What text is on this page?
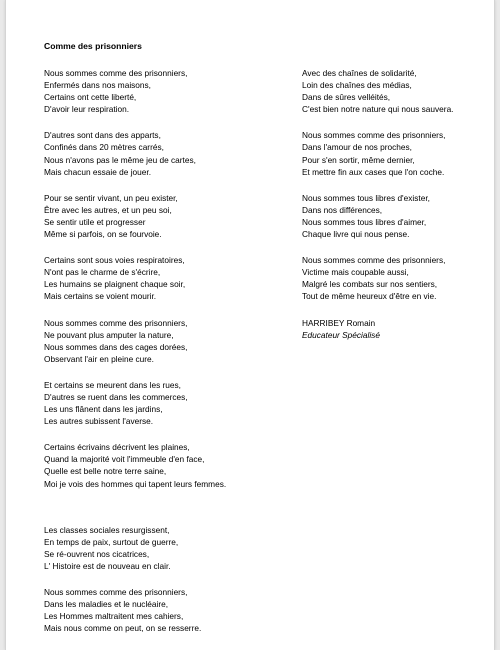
Comme des prisonniers
Nous sommes comme des prisonniers,
Enfermés dans nos maisons,
Certains ont cette liberté,
D'avoir leur respiration.
D'autres sont dans des apparts,
Confinés dans 20 mètres carrés,
Nous n'avons pas le même jeu de cartes,
Mais chacun essaie de jouer.
Pour se sentir vivant, un peu exister,
Être avec les autres, et un peu soi,
Se sentir utile et progresser
Même si parfois, on se fourvoie.
Certains sont sous voies respiratoires,
N'ont pas le charme de s'écrire,
Les humains se plaignent chaque soir,
Mais certains se voient mourir.
Nous sommes comme des prisonniers,
Ne pouvant plus amputer la nature,
Nous sommes dans des cages dorées,
Observant l'air en pleine cure.
Et certains se meurent dans les rues,
D'autres se ruent dans les commerces,
Les uns flânent dans les jardins,
Les autres subissent l'averse.
Certains écrivains décrivent les plaines,
Quand la majorité voit l'immeuble d'en face,
Quelle est belle notre terre saine,
Moi je vois des hommes qui tapent leurs femmes.
Les classes sociales resurgissent,
En temps de paix, surtout de guerre,
Se ré-ouvrent nos cicatrices,
L' Histoire est de nouveau en clair.
Nous sommes comme des prisonniers,
Dans les maladies et le nucléaire,
Les Hommes maltraitent mes cahiers,
Mais nous comme on peut, on se resserre.
Avec des chaînes de solidarité,
Loin des chaînes des médias,
Dans de sûres velléités,
C'est bien notre nature qui nous sauvera.
Nous sommes comme des prisonniers,
Dans l'amour de nos proches,
Pour s'en sortir, même dernier,
Et mettre fin aux cases que l'on coche.
Nous sommes tous libres d'exister,
Dans nos différences,
Nous sommes tous libres d'aimer,
Chaque livre qui nous pense.
Nous sommes comme des prisonniers,
Victime mais coupable aussi,
Malgré les combats sur nos sentiers,
Tout de même heureux d'être en vie.
HARRIBEY Romain
Educateur Spécialisé
